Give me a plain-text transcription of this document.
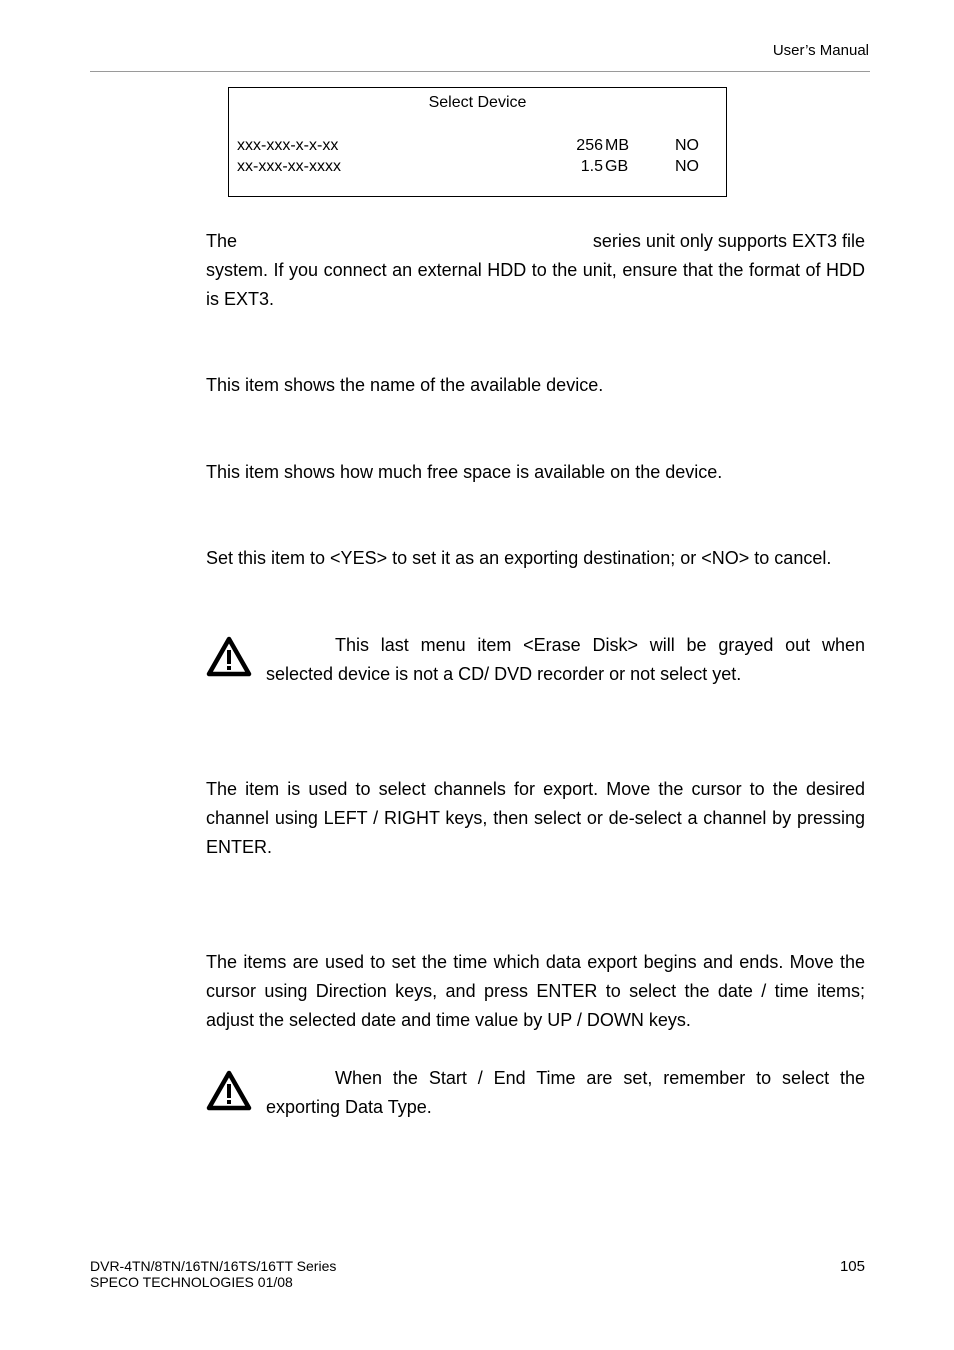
User’s Manual
Select Device
xxx-xxx-x-x-xx	256 MB	NO
xx-xxx-xx-xxxx	1.5 GB	NO
The	series unit only supports EXT3 file
system. If you connect an external HDD to the unit, ensure that the format of HDD is EXT3.

This item shows the name of the available device.

This item shows how much free space is available on the device.

Set this item to <YES> to set it as an exporting destination; or <NO> to cancel.

This last menu item <Erase Disk> will be grayed out when selected device is not a CD/ DVD recorder or not select yet.

The item is used to select channels for export. Move the cursor to the desired channel using LEFT / RIGHT keys, then select or de-select a channel by pressing ENTER.

The items are used to set the time which data export begins and ends. Move the cursor using Direction keys, and press ENTER to select the date / time items; adjust the selected date and time value by UP / DOWN keys.

When the Start / End Time are set, remember to select the exporting Data Type.

DVR-4TN/8TN/16TN/16TS/16TT Series
SPECO TECHNOLOGIES 01/08
105
